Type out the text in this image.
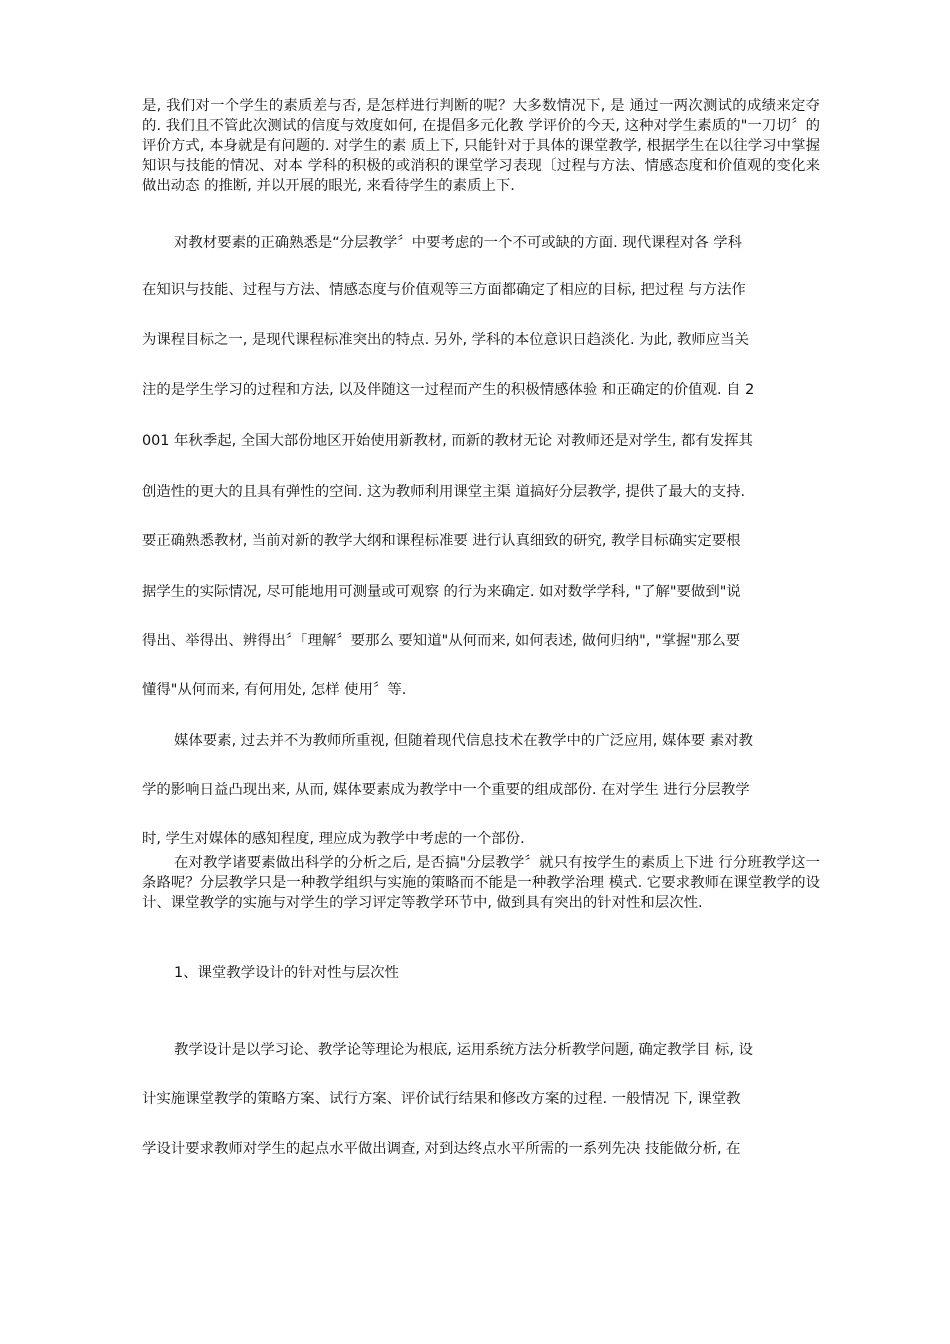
是, 我们对一个学生的素质差与否, 是怎样进行判断的呢？大多数情况下, 是 通过一两次测试的成绩来定夺的. 我们且不管此次测试的信度与效度如何, 在提倡多元化教 学评价的今天, 这种对学生素质的"一刀切〞的评价方式, 本身就是有问题的. 对学生的素 质上下, 只能针对于具体的课堂教学, 根据学生在以往学习中掌握知识与技能的情况、对本 学科的积极的或消积的课堂学习表现〔过程与方法、情感态度和价值观的变化来做出动态 的推断, 并以开展的眼光, 来看待学生的素质上下.

对教材要素的正确熟悉是“分层教学〞中要考虑的一个不可或缺的方面. 现代课程对各 学科

在知识与技能、过程与方法、情感态度与价值观等三方面都确定了相应的目标, 把过程 与方法作

为课程目标之一, 是现代课程标准突出的特点. 另外, 学科的本位意识日趋淡化. 为此, 教师应当关

注的是学生学习的过程和方法, 以及伴随这一过程而产生的积极情感体验 和正确定的价值观. 自 2

001 年秋季起, 全国大部份地区开始使用新教材, 而新的教材无论 对教师还是对学生, 都有发挥其

创造性的更大的且具有弹性的空间. 这为教师利用课堂主渠 道搞好分层教学, 提供了最大的支持.

要正确熟悉教材, 当前对新的教学大纲和课程标准要 进行认真细致的研究, 教学目标确实定要根

据学生的实际情况, 尽可能地用可测量或可观察 的行为来确定. 如对数学学科, "了解"要做到"说

得出、举得出、辨得出〞「理解〞要那么 要知道"从何而来, 如何表述, 做何归纳", "掌握"那么要

懂得"从何而来, 有何用处, 怎样 使用〞等.

媒体要素, 过去并不为教师所重视, 但随着现代信息技术在教学中的广泛应用, 媒体要 素对教

学的影响日益凸现出来, 从而, 媒体要素成为教学中一个重要的组成部份. 在对学生 进行分层教学

时, 学生对媒体的感知程度, 理应成为教学中考虑的一个部份.

在对教学诸要素做出科学的分析之后, 是否搞"分层教学〞就只有按学生的素质上下进 行分班教学这一条路呢？分层教学只是一种教学组织与实施的策略而不能是一种教学治理 模式. 它要求教师在课堂教学的设计、课堂教学的实施与对学生的学习评定等教学环节中, 做到具有突出的针对性和层次性.

1、课堂教学设计的针对性与层次性

教学设计是以学习论、教学论等理论为根底, 运用系统方法分析教学问题, 确定教学目 标, 设

计实施课堂教学的策略方案、试行方案、评价试行结果和修改方案的过程. 一般情况 下, 课堂教

学设计要求教师对学生的起点水平做出调查, 对到达终点水平所需的一系列先决 技能做分析, 在
